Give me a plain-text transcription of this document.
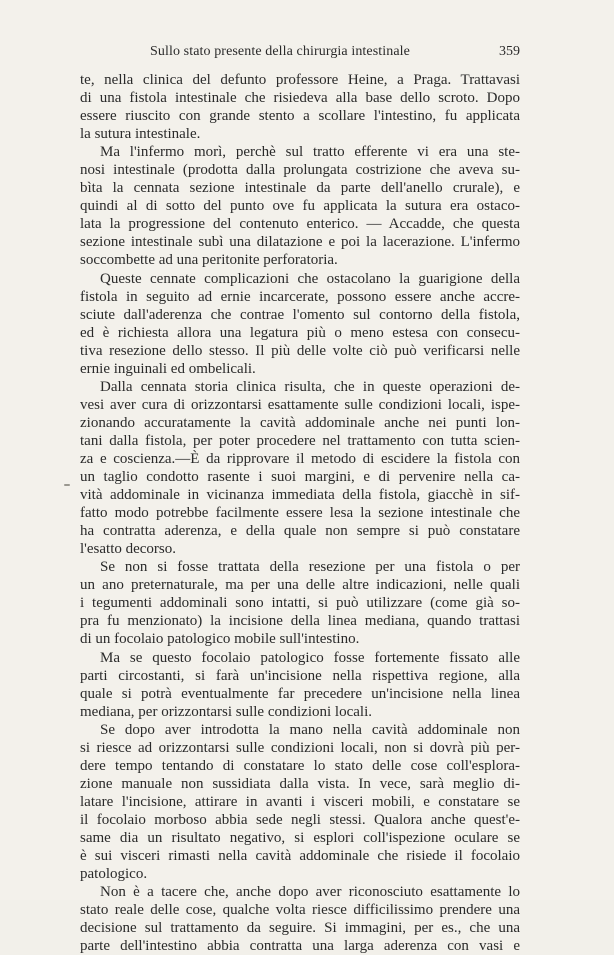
Sullo stato presente della chirurgia intestinale	359
te, nella clinica del defunto professore Heine, a Praga. Trattavasi
di una fistola intestinale che risiedeva alla base dello scroto. Dopo
essere riuscito con grande stento a scollare l'intestino, fu applicata
la sutura intestinale.
Ma l'infermo morì, perchè sul tratto efferente vi era una ste-
nosi intestinale (prodotta dalla prolungata costrizione che aveva su-
bìta la cennata sezione intestinale da parte dell'anello crurale), e
quindi al di sotto del punto ove fu applicata la sutura era ostaco-
lata la progressione del contenuto enterico. — Accadde, che questa
sezione intestinale subì una dilatazione e poi la lacerazione. L'infermo
soccombette ad una peritonite perforatoria.
Queste cennate complicazioni che ostacolano la guarigione della
fistola in seguito ad ernie incarcerate, possono essere anche accre-
sciute dall'aderenza che contrae l'omento sul contorno della fistola,
ed è richiesta allora una legatura più o meno estesa con consecu-
tiva resezione dello stesso. Il più delle volte ciò può verificarsi nelle
ernie inguinali ed ombelicali.
Dalla cennata storia clinica risulta, che in queste operazioni de-
vesi aver cura di orizzontarsi esattamente sulle condizioni locali, ispe-
zionando accuratamente la cavità addominale anche nei punti lon-
tani dalla fistola, per poter procedere nel trattamento con tutta scien-
za e coscienza.—È da ripprovare il metodo di escidere la fistola con
un taglio condotto rasente i suoi margini, e di pervenire nella ca-
vità addominale in vicinanza immediata della fistola, giacchè in sif-
fatto modo potrebbe facilmente essere lesa la sezione intestinale che
ha contratta aderenza, e della quale non sempre si può constatare
l'esatto decorso.
Se non si fosse trattata della resezione per una fistola o per
un ano preternaturale, ma per una delle altre indicazioni, nelle quali
i tegumenti addominali sono intatti, si può utilizzare (come già so-
pra fu menzionato) la incisione della linea mediana, quando trattasi
di un focolaio patologico mobile sull'intestino.
Ma se questo focolaio patologico fosse fortemente fissato alle
parti circostanti, si farà un'incisione nella rispettiva regione, alla
quale si potrà eventualmente far precedere un'incisione nella linea
mediana, per orizzontarsi sulle condizioni locali.
Se dopo aver introdotta la mano nella cavità addominale non
si riesce ad orizzontarsi sulle condizioni locali, non si dovrà più per-
dere tempo tentando di constatare lo stato delle cose coll'esplora-
zione manuale non sussidiata dalla vista. In vece, sarà meglio di-
latare l'incisione, attirare in avanti i visceri mobili, e constatare se
il focolaio morboso abbia sede negli stessi. Qualora anche quest'e-
same dia un risultato negativo, si esplori coll'ispezione oculare se
è sui visceri rimasti nella cavità addominale che risiede il focolaio
patologico.
Non è a tacere che, anche dopo aver riconosciuto esattamente lo
stato reale delle cose, qualche volta riesce difficilissimo prendere una
decisione sul trattamento da seguire. Si immagini, per es., che una
parte dell'intestino abbia contratta una larga aderenza con vasi e
